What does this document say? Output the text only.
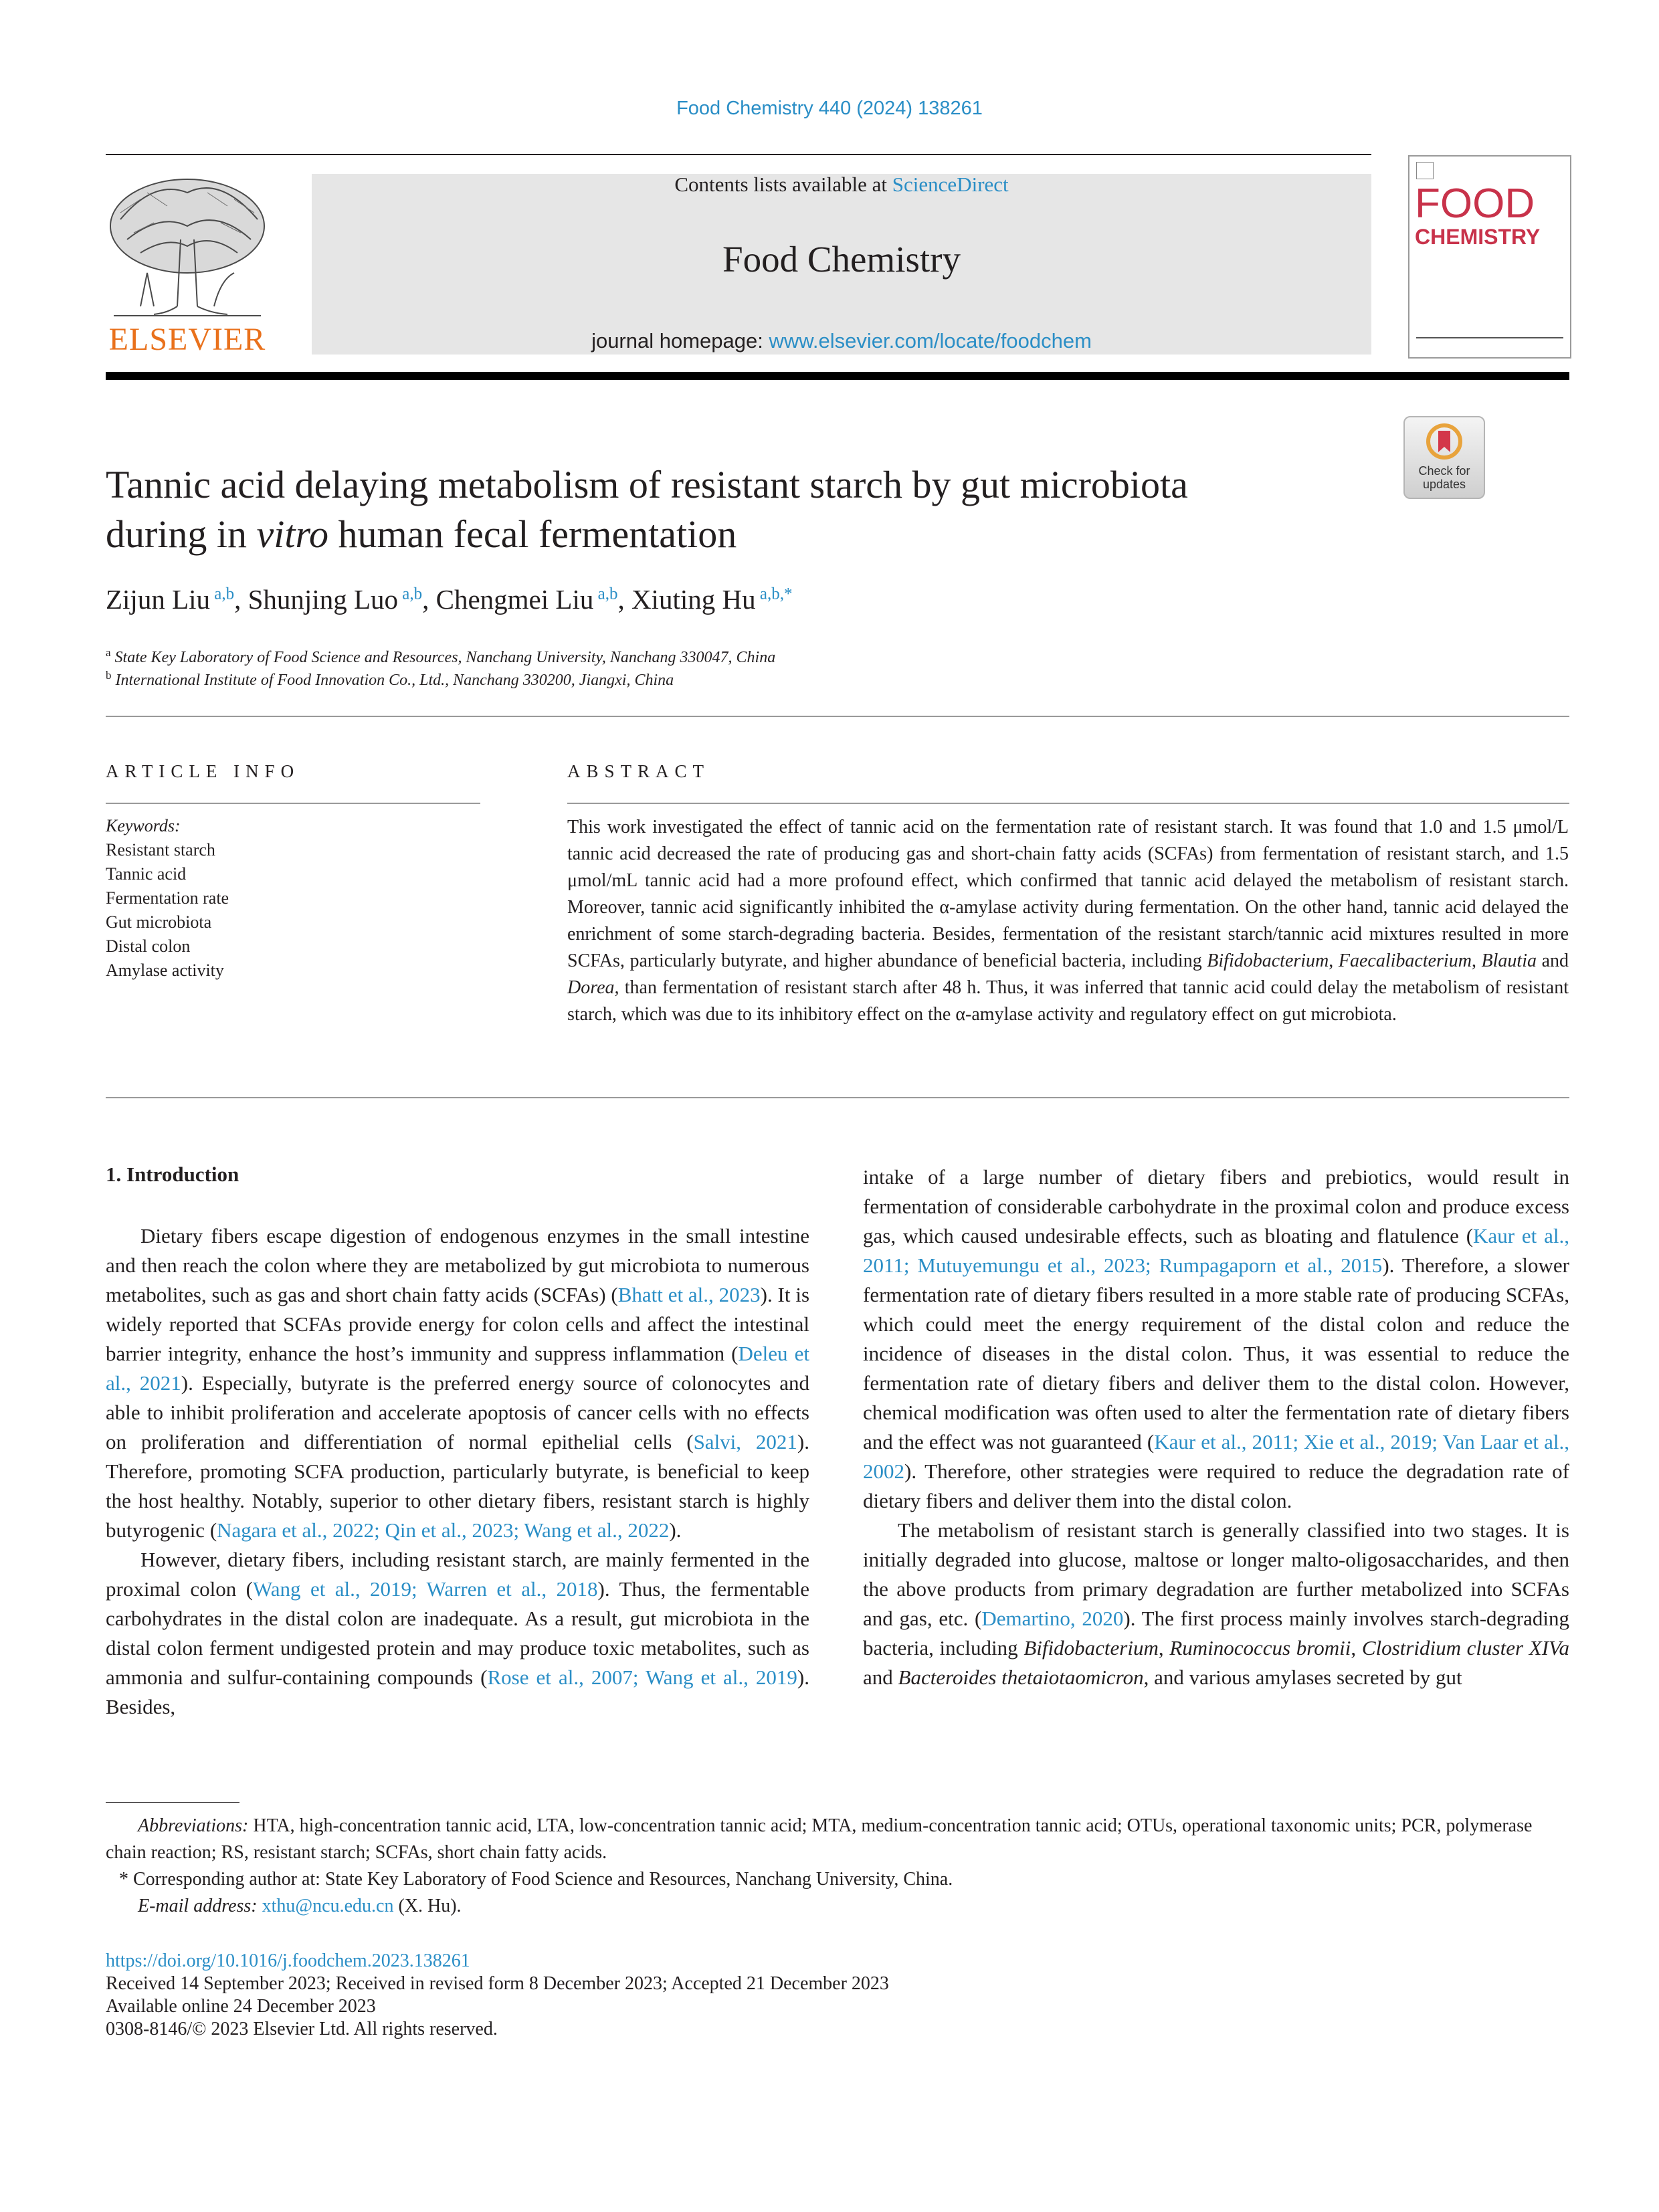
Food Chemistry 440 (2024) 138261
ELSEVIER
Contents lists available at ScienceDirect
Food Chemistry
journal homepage: www.elsevier.com/locate/foodchem
FOOD
CHEMISTRY
Check for
updates
Tannic acid delaying metabolism of resistant starch by gut microbiota
during in vitro human fecal fermentation
Zijun Liu $^{a,b}$, Shunjing Luo $^{a,b}$, Chengmei Liu $^{a,b}$, Xiuting Hu $^{a,b,*}$
$^a$ State Key Laboratory of Food Science and Resources, Nanchang University, Nanchang 330047, China
$^b$ International Institute of Food Innovation Co., Ltd., Nanchang 330200, Jiangxi, China
ARTICLE INFO
Keywords:
Resistant starch
Tannic acid
Fermentation rate
Gut microbiota
Distal colon
Amylase activity
ABSTRACT
This work investigated the effect of tannic acid on the fermentation rate of resistant starch. It was found that 1.0 and 1.5 μmol/L tannic acid decreased the rate of producing gas and short-chain fatty acids (SCFAs) from fermentation of resistant starch, and 1.5 μmol/mL tannic acid had a more profound effect, which confirmed that tannic acid delayed the metabolism of resistant starch. Moreover, tannic acid significantly inhibited the α-amylase activity during fermentation. On the other hand, tannic acid delayed the enrichment of some starch-degrading bacteria. Besides, fermentation of the resistant starch/tannic acid mixtures resulted in more SCFAs, particularly butyrate, and higher abundance of beneficial bacteria, including Bifidobacterium, Faecalibacterium, Blautia and Dorea, than fermentation of resistant starch after 48 h. Thus, it was inferred that tannic acid could delay the metabolism of resistant starch, which was due to its inhibitory effect on the α-amylase activity and regulatory effect on gut microbiota.
1. Introduction

Dietary fibers escape digestion of endogenous enzymes in the small intestine and then reach the colon where they are metabolized by gut microbiota to numerous metabolites, such as gas and short chain fatty acids (SCFAs) (Bhatt et al., 2023). It is widely reported that SCFAs provide energy for colon cells and affect the intestinal barrier integrity, enhance the host’s immunity and suppress inflammation (Deleu et al., 2021). Especially, butyrate is the preferred energy source of colonocytes and able to inhibit proliferation and accelerate apoptosis of cancer cells with no effects on proliferation and differentiation of normal epithelial cells (Salvi, 2021). Therefore, promoting SCFA production, particularly butyrate, is beneficial to keep the host healthy. Notably, superior to other dietary fibers, resistant starch is highly butyrogenic (Nagara et al., 2022; Qin et al., 2023; Wang et al., 2022).

However, dietary fibers, including resistant starch, are mainly fermented in the proximal colon (Wang et al., 2019; Warren et al., 2018). Thus, the fermentable carbohydrates in the distal colon are inadequate. As a result, gut microbiota in the distal colon ferment undigested protein and may produce toxic metabolites, such as ammonia and sulfur-containing compounds (Rose et al., 2007; Wang et al., 2019). Besides,

intake of a large number of dietary fibers and prebiotics, would result in fermentation of considerable carbohydrate in the proximal colon and produce excess gas, which caused undesirable effects, such as bloating and flatulence (Kaur et al., 2011; Mutuyemungu et al., 2023; Rumpagaporn et al., 2015). Therefore, a slower fermentation rate of dietary fibers resulted in a more stable rate of producing SCFAs, which could meet the energy requirement of the distal colon and reduce the incidence of diseases in the distal colon. Thus, it was essential to reduce the fermentation rate of dietary fibers and deliver them to the distal colon. However, chemical modification was often used to alter the fermentation rate of dietary fibers and the effect was not guaranteed (Kaur et al., 2011; Xie et al., 2019; Van Laar et al., 2002). Therefore, other strategies were required to reduce the degradation rate of dietary fibers and deliver them into the distal colon.

The metabolism of resistant starch is generally classified into two stages. It is initially degraded into glucose, maltose or longer malto-oligosaccharides, and then the above products from primary degradation are further metabolized into SCFAs and gas, etc. (Demartino, 2020). The first process mainly involves starch-degrading bacteria, including Bifidobacterium, Ruminococcus bromii, Clostridium cluster XIVa and Bacteroides thetaiotaomicron, and various amylases secreted by gut

Abbreviations: HTA, high-concentration tannic acid, LTA, low-concentration tannic acid; MTA, medium-concentration tannic acid; OTUs, operational taxonomic units; PCR, polymerase chain reaction; RS, resistant starch; SCFAs, short chain fatty acids.
* Corresponding author at: State Key Laboratory of Food Science and Resources, Nanchang University, China.
E-mail address: xthu@ncu.edu.cn (X. Hu).
https://doi.org/10.1016/j.foodchem.2023.138261
Received 14 September 2023; Received in revised form 8 December 2023; Accepted 21 December 2023
Available online 24 December 2023
0308-8146/© 2023 Elsevier Ltd. All rights reserved.
